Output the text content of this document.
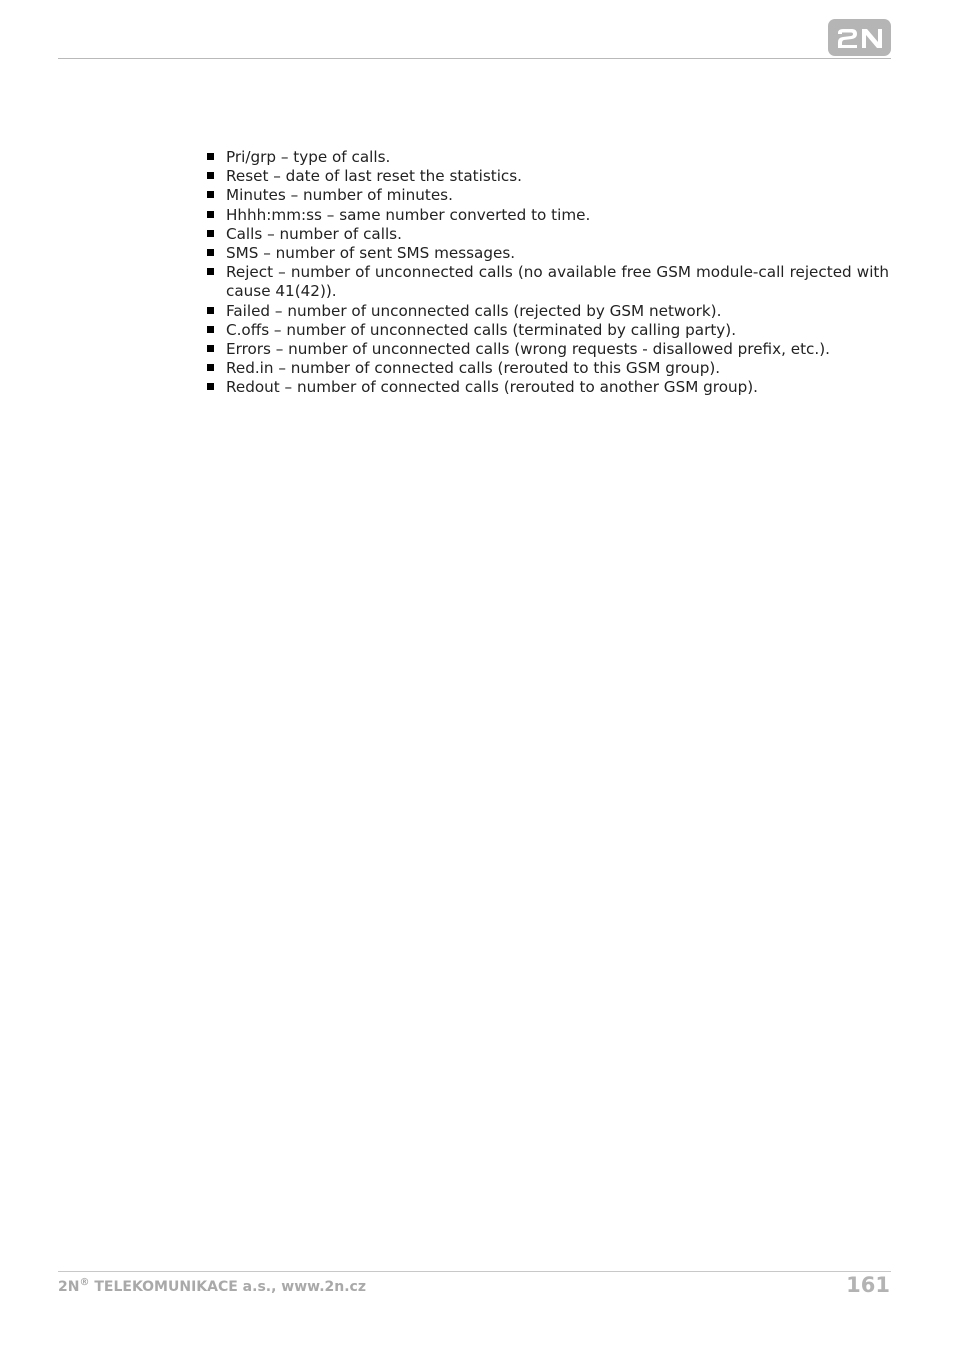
Pri/grp – type of calls.
Reset – date of last reset the statistics.
Minutes – number of minutes.
Hhhh:mm:ss – same number converted to time.
Calls – number of calls.
SMS – number of sent SMS messages.
Reject – number of unconnected calls (no available free GSM module-call rejected with cause 41(42)).
Failed – number of unconnected calls (rejected by GSM network).
C.offs – number of unconnected calls (terminated by calling party).
Errors – number of unconnected calls (wrong requests - disallowed prefix, etc.).
Red.in – number of connected calls (rerouted to this GSM group).
Redout – number of connected calls (rerouted to another GSM group).
2N® TELEKOMUNIKACE a.s., www.2n.cz	161
